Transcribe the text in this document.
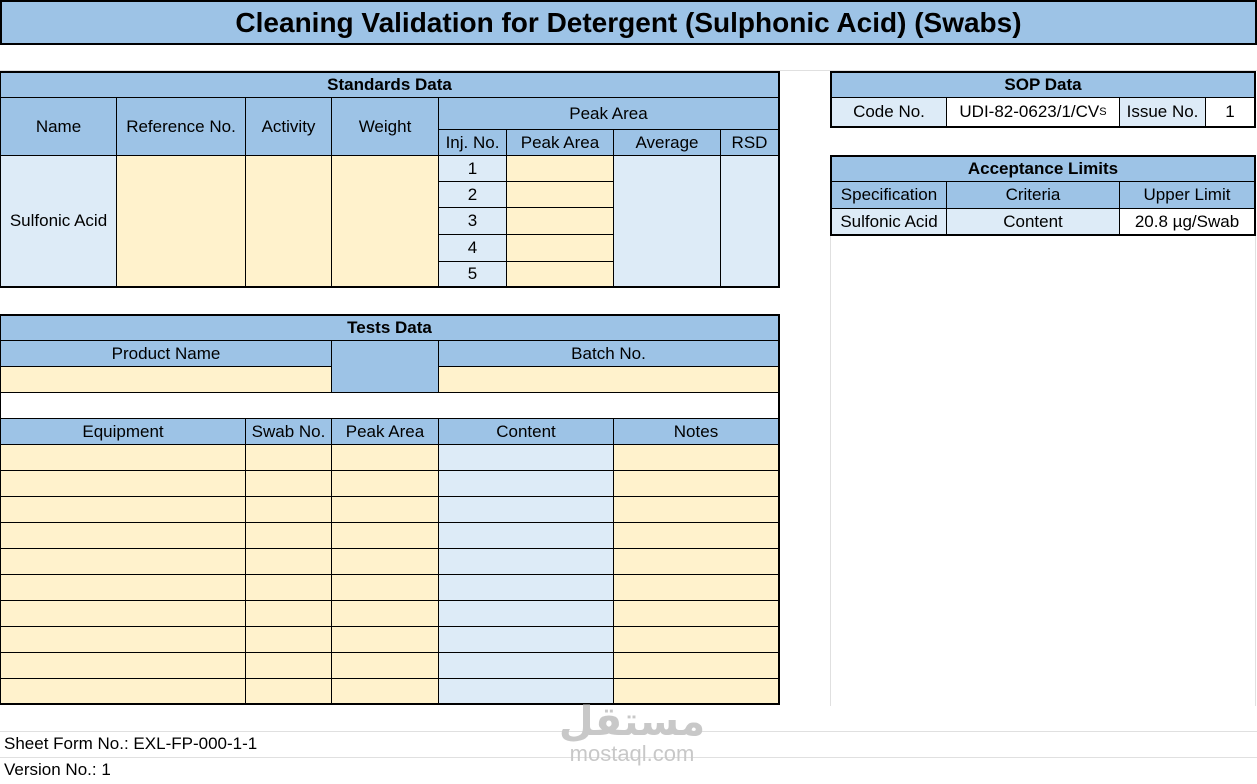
Cleaning Validation for Detergent (Sulphonic Acid) (Swabs)
Standards Data
Name	Reference No.	Activity	Weight
Peak Area
Inj. No.	Peak Area	Average	RSD
Sulfonic Acid
1
2
3
4
5
SOP Data
Code No.	UDI-82-0623/1/CV S	Issue No.	1
Acceptance Limits
Specification	Criteria	Upper Limit
Sulfonic Acid	Content	20.8 µg/Swab
Tests Data
Product Name	Batch No.
Equipment	Swab No.	Peak Area	Content	Notes
Sheet Form No.: EXL-FP-000-1-1
Version No.: 1
مستقل
mostaql.com
